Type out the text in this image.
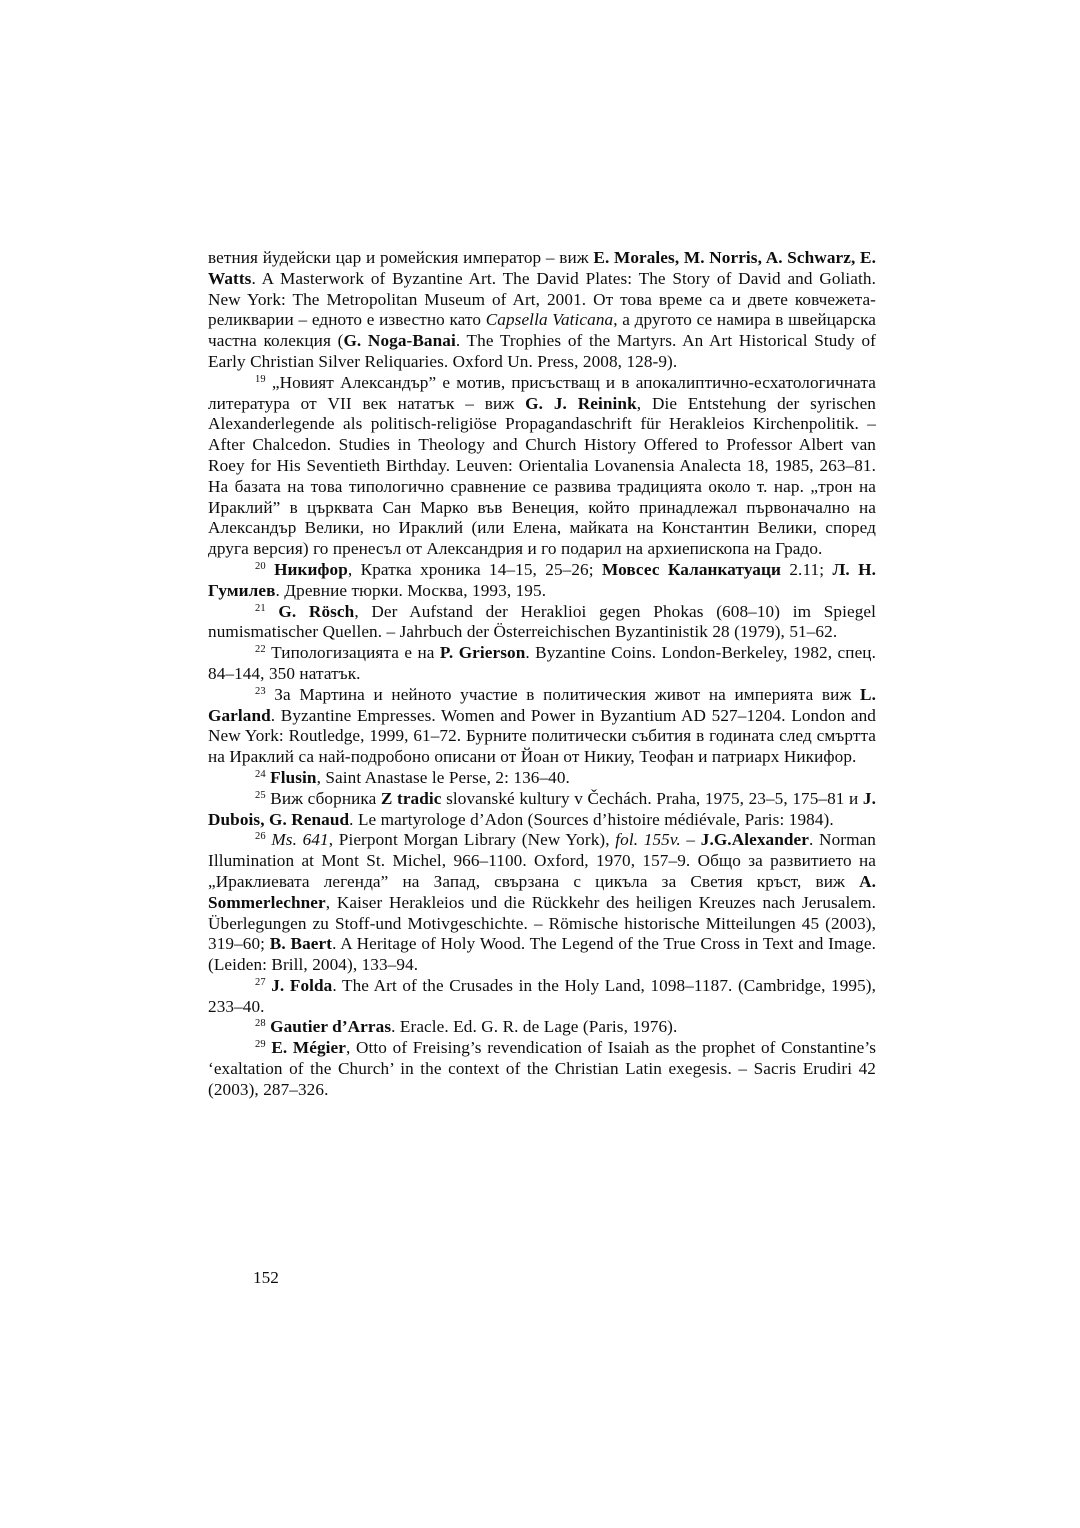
ветния йудейски цар и ромейския император – виж E. Morales, M. Norris, A. Schwarz, E. Watts. A Masterwork of Byzantine Art. The David Plates: The Story of David and Goliath. New York: The Metropolitan Museum of Art, 2001. От това време са и двете ковчежета-реликварии – едното е известно като Capsella Vaticana, а другото се намира в швейцарска частна колекция (G. Noga-Banai. The Trophies of the Martyrs. An Art Historical Study of Early Christian Silver Reliquaries. Oxford Un. Press, 2008, 128-9).

$^{19}$ „Новият Александър” е мотив, присъстващ и в апокалиптично-есхатологичната литература от VII век нататък – виж G. J. Reinink, Die Entstehung der syrischen Alexanderlegende als politisch-religiöse Propagandaschrift für Herakleios Kirchenpolitik. – After Chalcedon. Studies in Theology and Church History Offered to Professor Albert van Roey for His Seventieth Birthday. Leuven: Orientalia Lovanensia Analecta 18, 1985, 263–81. На базата на това типологично сравнение се развива традицията около т. нар. „трон на Ираклий” в църквата Сан Марко във Венеция, който принадлежал първоначално на Александър Велики, но Ираклий (или Елена, майката на Константин Велики, според друга версия) го пренесъл от Александрия и го подарил на архиепископа на Градо.

$^{20}$ Никифор, Кратка хроника 14–15, 25–26; Мовсес Каланкатуаци 2.11; Л. Н. Гумилев. Древние тюрки. Москва, 1993, 195.

$^{21}$ G. Rösch, Der Aufstand der Heraklioi gegen Phokas (608–10) im Spiegel numismatischer Quellen. – Jahrbuch der Österreichischen Byzantinistik 28 (1979), 51–62.

$^{22}$ Типологизацията е на P. Grierson. Byzantine Coins. London-Berkeley, 1982, спец. 84–144, 350 нататък.

$^{23}$ За Мартина и нейното участие в политическия живот на империята виж L. Garland. Byzantine Empresses. Women and Power in Byzantium AD 527–1204. London and New York: Routledge, 1999, 61–72. Бурните политически събития в годината след смъртта на Ираклий са най-подробоно описани от Йоан от Никиу, Теофан и патриарх Никифор.

$^{24}$ Flusin, Saint Anastase le Perse, 2: 136–40.

$^{25}$ Виж сборника Z tradic slovanské kultury v Čechách. Praha, 1975, 23–5, 175–81 и J. Dubois, G. Renaud. Le martyrologe d’Adon (Sources d’histoire médiévale, Paris: 1984).

$^{26}$ Ms. 641, Pierpont Morgan Library (New York), fol. 155v. – J.G.Alexander. Norman Illumination at Mont St. Michel, 966–1100. Oxford, 1970, 157–9. Общо за развитието на „Ираклиевата легенда” на Запад, свързана с цикъла за Светия кръст, виж A. Sommerlechner, Kaiser Herakleios und die Rückkehr des heiligen Kreuzes nach Jerusalem. Überlegungen zu Stoff-und Motivgeschichte. – Römische historische Mitteilungen 45 (2003), 319–60; B. Baert. A Heritage of Holy Wood. The Legend of the True Cross in Text and Image. (Leiden: Brill, 2004), 133–94.

$^{27}$ J. Folda. The Art of the Crusades in the Holy Land, 1098–1187. (Cambridge, 1995), 233–40.

$^{28}$ Gautier d’Arras. Eracle. Ed. G. R. de Lage (Paris, 1976).

$^{29}$ E. Mégier, Otto of Freising’s revendication of Isaiah as the prophet of Constantine’s ‘exaltation of the Church’ in the context of the Christian Latin exegesis. – Sacris Erudiri 42 (2003), 287–326.

152
